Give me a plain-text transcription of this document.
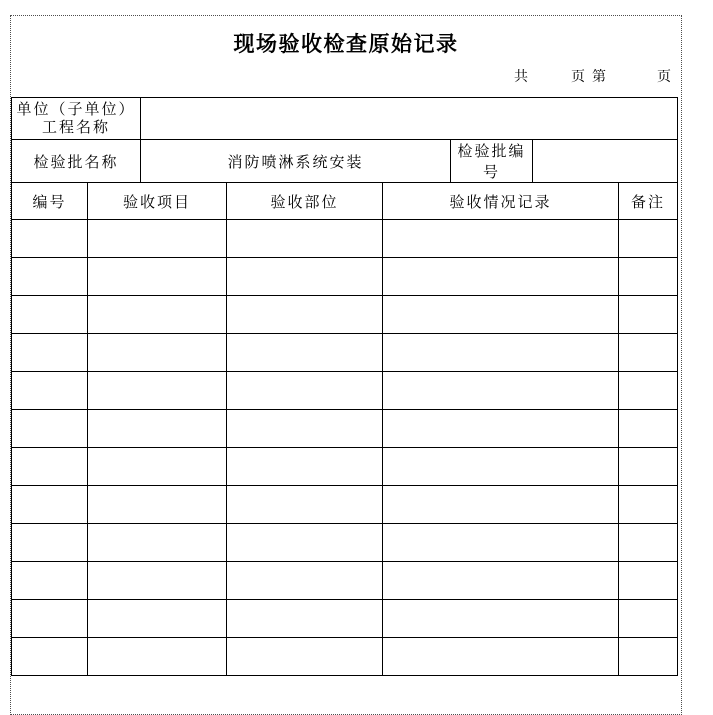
现场验收检查原始记录
共	页 第	页
单位（子单位）
工程名称							

检验批名称		消防喷淋系统安装			检验批编号		
编号	验收项目		验收部位	验收情况记录			备注
